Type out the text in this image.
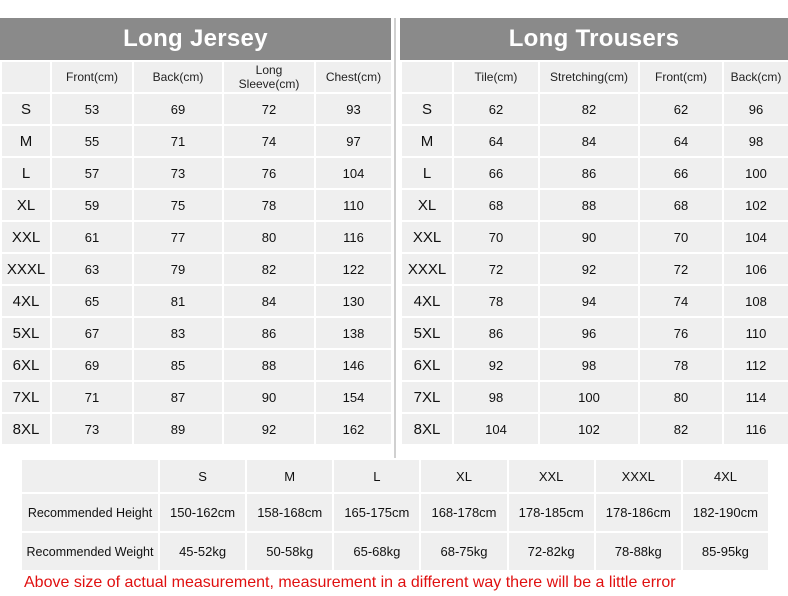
Long Jersey
	Front(cm)	Back(cm)	Long Sleeve(cm)	Chest(cm)
S	53	69	72	93
M	55	71	74	97
L	57	73	76	104
XL	59	75	78	110
XXL	61	77	80	116
XXXL	63	79	82	122
4XL	65	81	84	130
5XL	67	83	86	138
6XL	69	85	88	146
7XL	71	87	90	154
8XL	73	89	92	162
Long Trousers
	Tile(cm)	Stretching(cm)	Front(cm)	Back(cm)
S	62	82	62	96
M	64	84	64	98
L	66	86	66	100
XL	68	88	68	102
XXL	70	90	70	104
XXXL	72	92	72	106
4XL	78	94	74	108
5XL	86	96	76	110
6XL	92	98	78	112
7XL	98	100	80	114
8XL	104	102	82	116
	S	M	L	XL	XXL	XXXL	4XL
Recommended Height	150-162cm	158-168cm	165-175cm	168-178cm	178-185cm	178-186cm	182-190cm
Recommended Weight	45-52kg	50-58kg	65-68kg	68-75kg	72-82kg	78-88kg	85-95kg
Above size of actual measurement, measurement in a different way there will be a little error
